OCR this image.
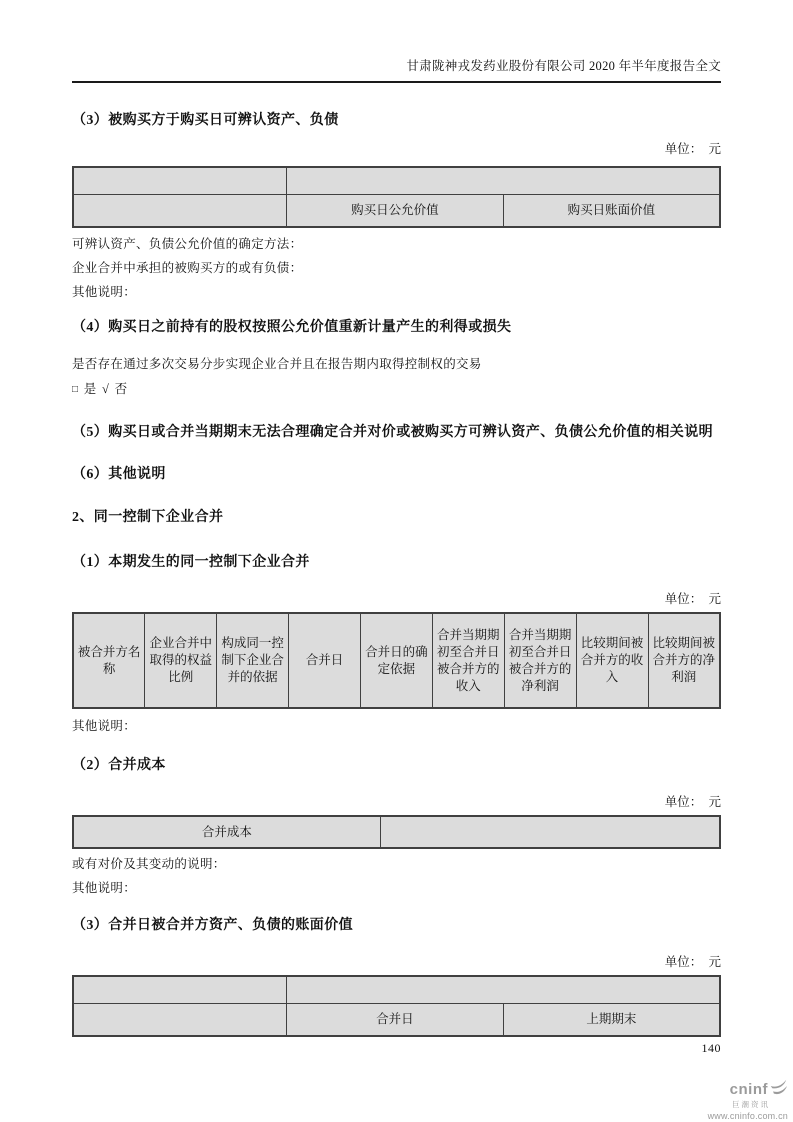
甘肃陇神戎发药业股份有限公司 2020 年半年度报告全文

（3）被购买方于购买日可辨认资产、负债

单位：　元

	购买日公允价值	购买日账面价值
可辨认资产、负债公允价值的确定方法：
企业合并中承担的被购买方的或有负债：
其他说明：

（4）购买日之前持有的股权按照公允价值重新计量产生的利得或损失

是否存在通过多次交易分步实现企业合并且在报告期内取得控制权的交易
□ 是 √ 否

（5）购买日或合并当期期末无法合理确定合并对价或被购买方可辨认资产、负债公允价值的相关说明

（6）其他说明

2、同一控制下企业合并

（1）本期发生的同一控制下企业合并

单位：　元
被合并方名称	企业合并中取得的权益比例	构成同一控制下企业合并的依据	合并日	合并日的确定依据	合并当期期初至合并日被合并方的收入	合并当期期初至合并日被合并方的净利润	比较期间被合并方的收入	比较期间被合并方的净利润
其他说明：

（2）合并成本

单位：　元
合并成本	
或有对价及其变动的说明：
其他说明：

（3）合并日被合并方资产、负债的账面价值

单位：　元

	合并日	上期期末
140
cninf
巨潮资讯
www.cninfo.com.cn
